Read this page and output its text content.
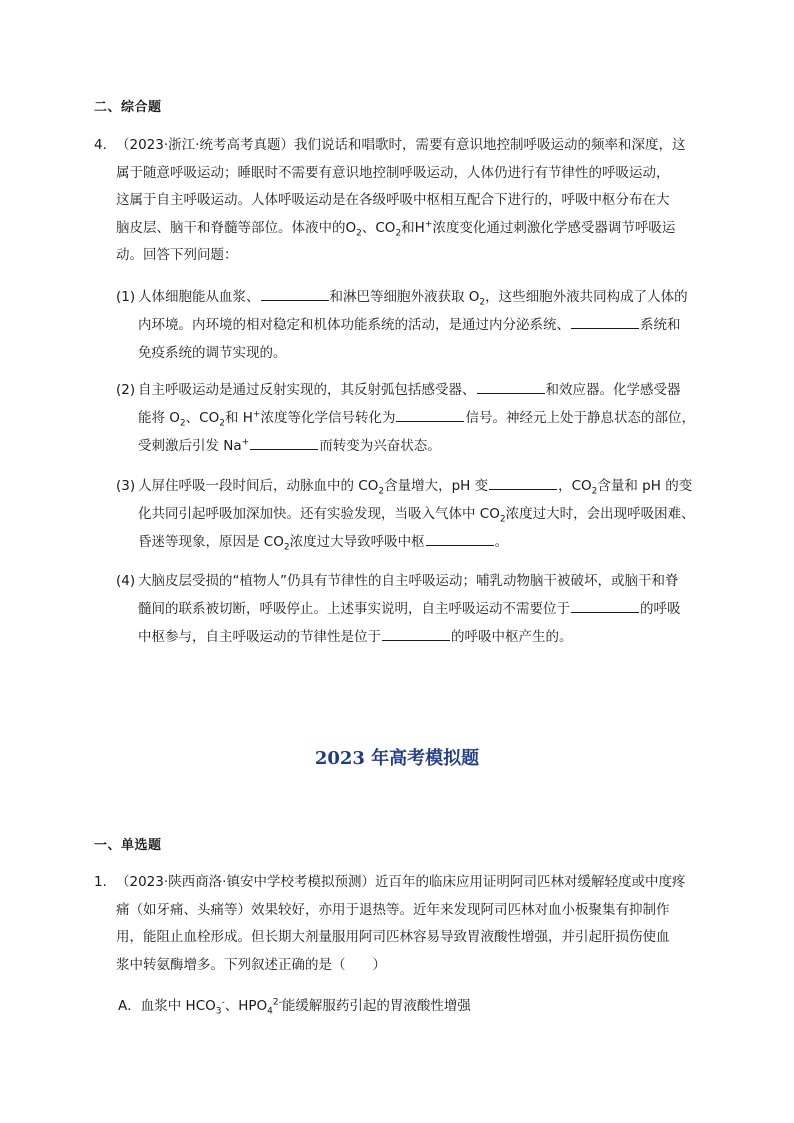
二、综合题
4． （2023·浙江·统考高考真题）我们说话和唱歌时，需要有意识地控制呼吸运动的频率和深度，这
属于随意呼吸运动；睡眠时不需要有意识地控制呼吸运动，人体仍进行有节律性的呼吸运动，
这属于自主呼吸运动。人体呼吸运动是在各级呼吸中枢相互配合下进行的，呼吸中枢分布在大
脑皮层、脑干和脊髓等部位。体液中的$O_2$、$CO_2$和H+浓度变化通过刺激化学感受器调节呼吸运
动。回答下列问题：
(1) 人体细胞能从血浆、	和淋巴等细胞外液获取 $O_2$，这些细胞外液共同构成了人体的
内环境。内环境的相对稳定和机体功能系统的活动，是通过内分泌系统、	系统和
免疫系统的调节实现的。
(2) 自主呼吸运动是通过反射实现的，其反射弧包括感受器、	和效应器。化学感受器
能将 $O_2$、$CO_2$和 H+浓度等化学信号转化为	信号。神经元上处于静息状态的部位，
受刺激后引发 Na+	而转变为兴奋状态。
(3) 人屏住呼吸一段时间后，动脉血中的 $CO_2$含量增大，pH 变	，$CO_2$含量和 pH 的变
化共同引起呼吸加深加快。还有实验发现，当吸入气体中 $CO_2$浓度过大时，会出现呼吸困难、
昏迷等现象，原因是 $CO_2$浓度过大导致呼吸中枢	。
(4) 大脑皮层受损的“植物人”仍具有节律性的自主呼吸运动；哺乳动物脑干被破坏，或脑干和脊
髓间的联系被切断，呼吸停止。上述事实说明，自主呼吸运动不需要位于	的呼吸
中枢参与，自主呼吸运动的节律性是位于	的呼吸中枢产生的。
2023 年高考模拟题
一、单选题
1． （2023·陕西商洛·镇安中学校考模拟预测）近百年的临床应用证明阿司匹林对缓解轻度或中度疼
痛（如牙痛、头痛等）效果较好，亦用于退热等。近年来发现阿司匹林对血小板聚集有抑制作
用，能阻止血栓形成。但长期大剂量服用阿司匹林容易导致胃液酸性增强，并引起肝损伤使血
浆中转氨酶增多。下列叙述正确的是（　　）
A．血浆中 $HCO_3^-$、$HPO_4^{2-}$能缓解服药引起的胃液酸性增强
